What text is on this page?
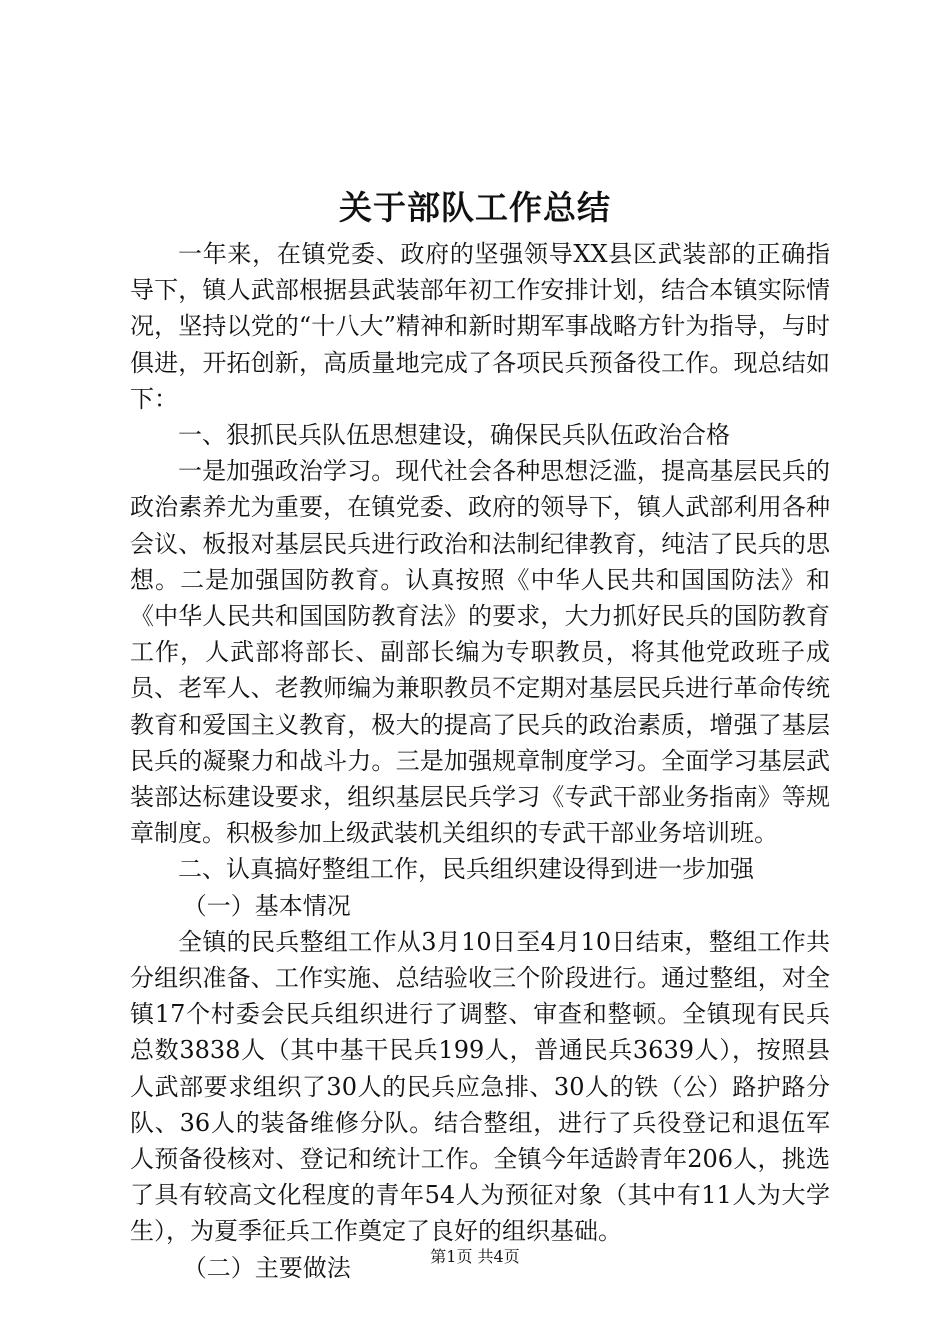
关于部队工作总结

一年来，在镇党委、政府的坚强领导XX县区武装部的正确指导下，镇人武部根据县武装部年初工作安排计划，结合本镇实际情况，坚持以党的“十八大”精神和新时期军事战略方针为指导，与时俱进，开拓创新，高质量地完成了各项民兵预备役工作。现总结如下：

一、狠抓民兵队伍思想建设，确保民兵队伍政治合格

一是加强政治学习。现代社会各种思想泛滥，提高基层民兵的政治素养尤为重要，在镇党委、政府的领导下，镇人武部利用各种会议、板报对基层民兵进行政治和法制纪律教育，纯洁了民兵的思想。二是加强国防教育。认真按照《中华人民共和国国防法》和《中华人民共和国国防教育法》的要求，大力抓好民兵的国防教育工作，人武部将部长、副部长编为专职教员，将其他党政班子成员、老军人、老教师编为兼职教员不定期对基层民兵进行革命传统教育和爱国主义教育，极大的提高了民兵的政治素质，增强了基层民兵的凝聚力和战斗力。三是加强规章制度学习。全面学习基层武装部达标建设要求，组织基层民兵学习《专武干部业务指南》等规章制度。积极参加上级武装机关组织的专武干部业务培训班。

二、认真搞好整组工作，民兵组织建设得到进一步加强

（一）基本情况

全镇的民兵整组工作从3月10日至4月10日结束，整组工作共分组织准备、工作实施、总结验收三个阶段进行。通过整组，对全镇17个村委会民兵组织进行了调整、审查和整顿。全镇现有民兵总数3838人（其中基干民兵199人，普通民兵3639人），按照县人武部要求组织了30人的民兵应急排、30人的铁（公）路护路分队、36人的装备维修分队。结合整组，进行了兵役登记和退伍军人预备役核对、登记和统计工作。全镇今年适龄青年206人，挑选了具有较高文化程度的青年54人为预征对象（其中有11人为大学生），为夏季征兵工作奠定了良好的组织基础。

（二）主要做法	第1页 共4页
